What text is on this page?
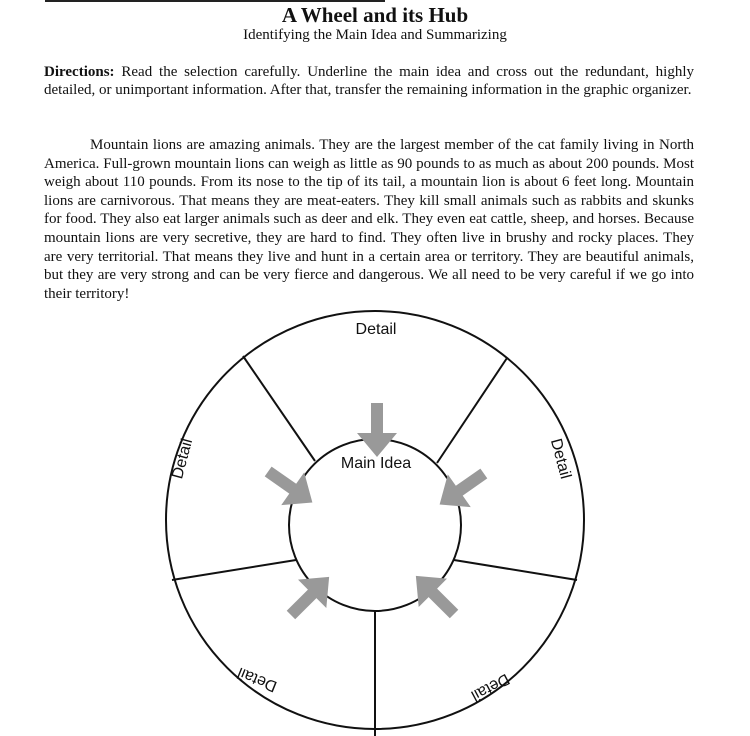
A Wheel and its Hub
Identifying the Main Idea and Summarizing
Directions: Read the selection carefully. Underline the main idea and cross out the redundant, highly detailed, or unimportant information. After that, transfer the remaining information in the graphic organizer.
Mountain lions are amazing animals. They are the largest member of the cat family living in North America. Full-grown mountain lions can weigh as little as 90 pounds to as much as about 200 pounds. Most weigh about 110 pounds. From its nose to the tip of its tail, a mountain lion is about 6 feet long. Mountain lions are carnivorous. That means they are meat-eaters. They kill small animals such as rabbits and skunks for food. They also eat larger animals such as deer and elk. They even eat cattle, sheep, and horses. Because mountain lions are very secretive, they are hard to find. They often live in brushy and rocky places. They are very territorial. That means they live and hunt in a certain area or territory. They are beautiful animals, but they are very strong and can be very fierce and dangerous. We all need to be very careful if we go into their territory!
Detail
Main Idea
Detail	Detail
Detail	Detail
